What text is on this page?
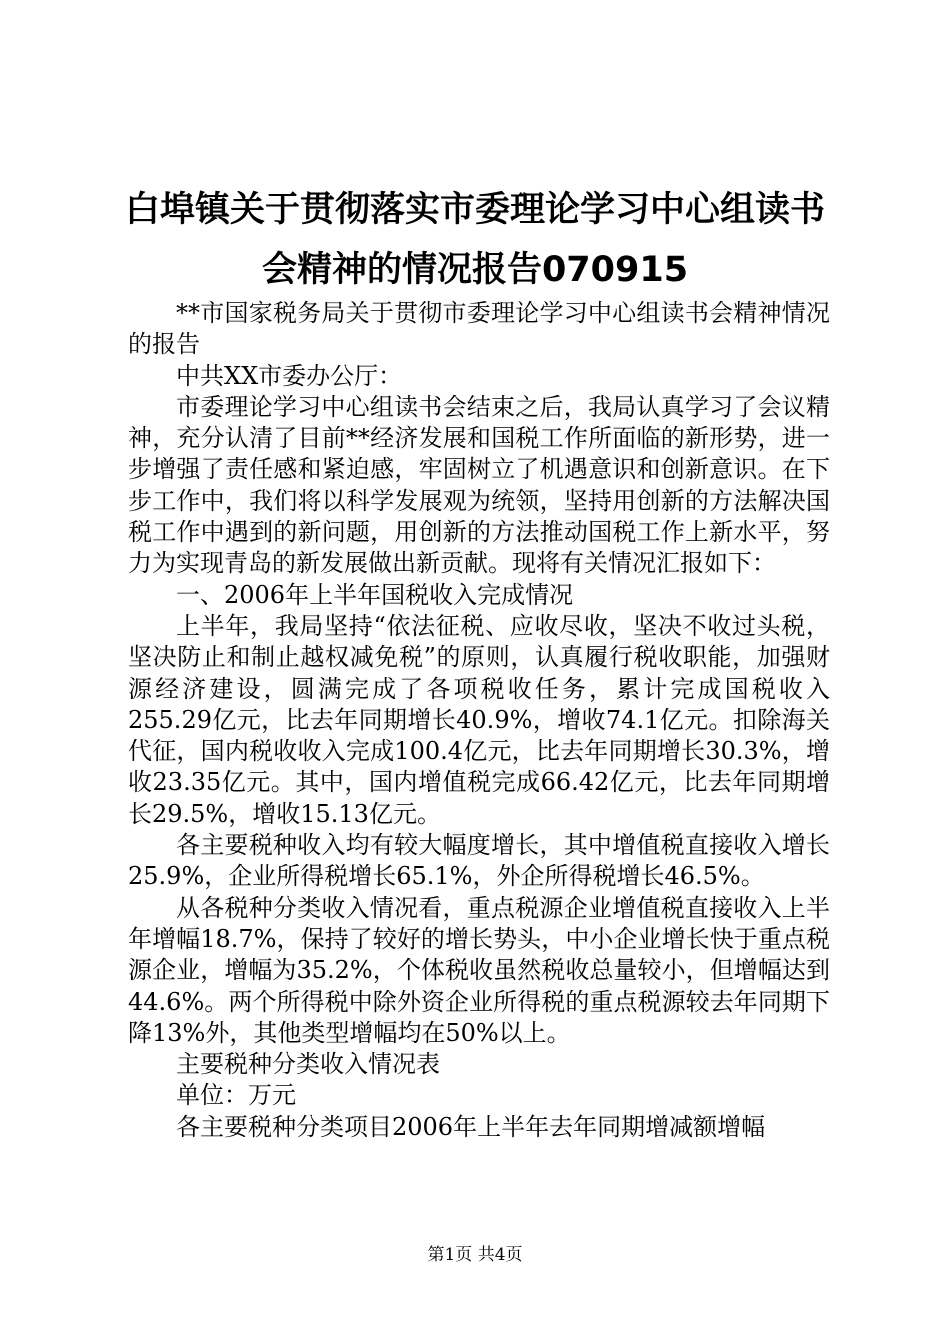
白埠镇关于贯彻落实市委理论学习中心组读书
会精神的情况报告070915

**市国家税务局关于贯彻市委理论学习中心组读书会精神情况的报告

中共XX市委办公厅：

市委理论学习中心组读书会结束之后，我局认真学习了会议精神，充分认清了目前**经济发展和国税工作所面临的新形势，进一步增强了责任感和紧迫感，牢固树立了机遇意识和创新意识。在下步工作中，我们将以科学发展观为统领，坚持用创新的方法解决国税工作中遇到的新问题，用创新的方法推动国税工作上新水平，努力为实现青岛的新发展做出新贡献。现将有关情况汇报如下：

一、2006年上半年国税收入完成情况

上半年，我局坚持“依法征税、应收尽收，坚决不收过头税，坚决防止和制止越权减免税”的原则，认真履行税收职能，加强财源经济建设，圆满完成了各项税收任务，累计完成国税收入255.29亿元，比去年同期增长40.9%，增收74.1亿元。扣除海关代征，国内税收收入完成100.4亿元，比去年同期增长30.3%，增收23.35亿元。其中，国内增值税完成66.42亿元，比去年同期增长29.5%，增收15.13亿元。

各主要税种收入均有较大幅度增长，其中增值税直接收入增长25.9%，企业所得税增长65.1%，外企所得税增长46.5%。

从各税种分类收入情况看，重点税源企业增值税直接收入上半年增幅18.7%，保持了较好的增长势头，中小企业增长快于重点税源企业，增幅为35.2%，个体税收虽然税收总量较小，但增幅达到44.6%。两个所得税中除外资企业所得税的重点税源较去年同期下降13%外，其他类型增幅均在50%以上。

主要税种分类收入情况表

单位：万元

各主要税种分类项目2006年上半年去年同期增减额增幅

第1页 共4页
